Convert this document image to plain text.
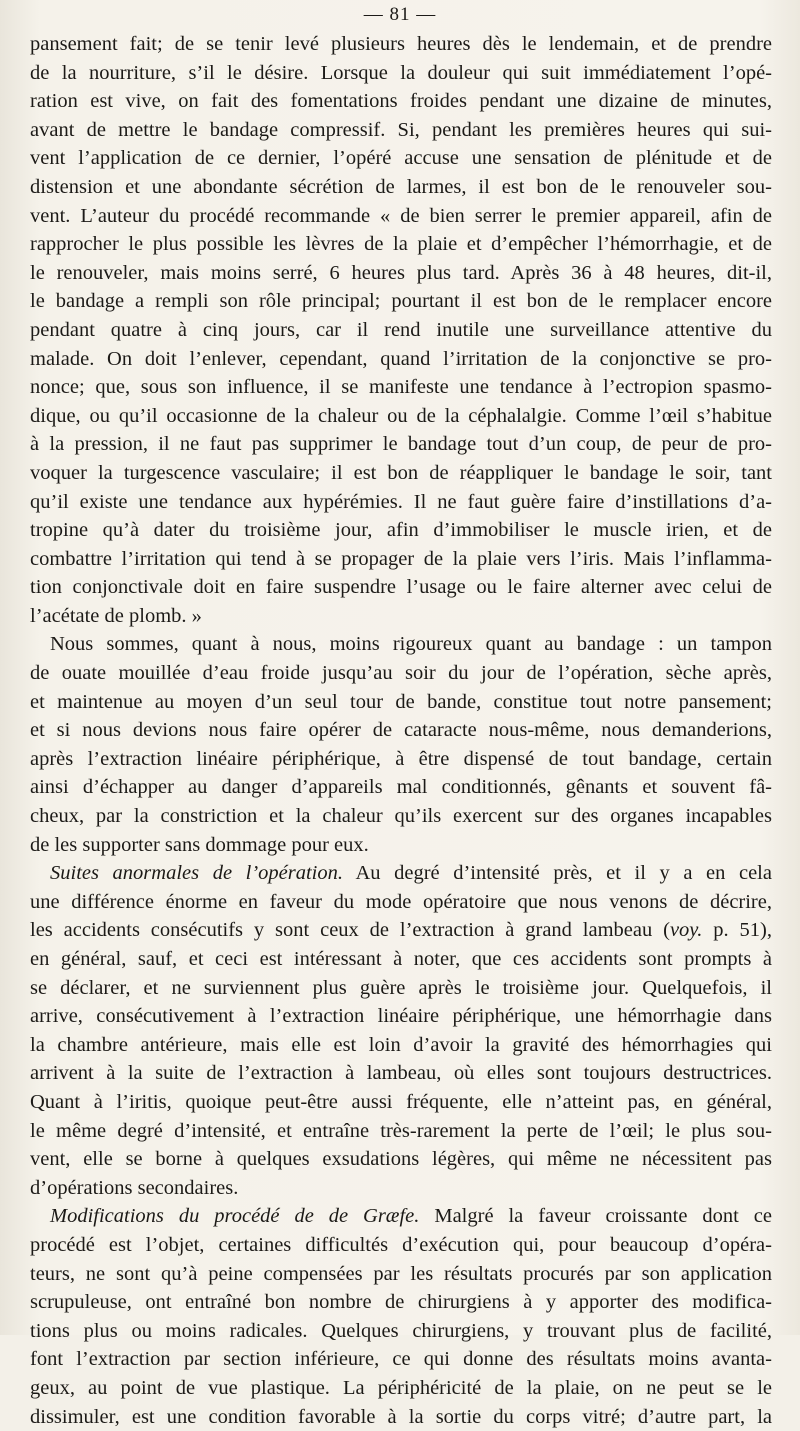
— 81 —
pansement fait; de se tenir levé plusieurs heures dès le lendemain, et de prendre
de la nourriture, s’il le désire. Lorsque la douleur qui suit immédiatement l’opé-
ration est vive, on fait des fomentations froides pendant une dizaine de minutes,
avant de mettre le bandage compressif. Si, pendant les premières heures qui sui-
vent l’application de ce dernier, l’opéré accuse une sensation de plénitude et de
distension et une abondante sécrétion de larmes, il est bon de le renouveler sou-
vent. L’auteur du procédé recommande « de bien serrer le premier appareil, afin de
rapprocher le plus possible les lèvres de la plaie et d’empêcher l’hémorrhagie, et de
le renouveler, mais moins serré, 6 heures plus tard. Après 36 à 48 heures, dit-il,
le bandage a rempli son rôle principal; pourtant il est bon de le remplacer encore
pendant quatre à cinq jours, car il rend inutile une surveillance attentive du
malade. On doit l’enlever, cependant, quand l’irritation de la conjonctive se pro-
nonce; que, sous son influence, il se manifeste une tendance à l’ectropion spasmo-
dique, ou qu’il occasionne de la chaleur ou de la céphalalgie. Comme l’œil s’habitue
à la pression, il ne faut pas supprimer le bandage tout d’un coup, de peur de pro-
voquer la turgescence vasculaire; il est bon de réappliquer le bandage le soir, tant
qu’il existe une tendance aux hypérémies. Il ne faut guère faire d’instillations d’a-
tropine qu’à dater du troisième jour, afin d’immobiliser le muscle irien, et de
combattre l’irritation qui tend à se propager de la plaie vers l’iris. Mais l’inflamma-
tion conjonctivale doit en faire suspendre l’usage ou le faire alterner avec celui de
l’acétate de plomb. »
Nous sommes, quant à nous, moins rigoureux quant au bandage : un tampon
de ouate mouillée d’eau froide jusqu’au soir du jour de l’opération, sèche après,
et maintenue au moyen d’un seul tour de bande, constitue tout notre pansement;
et si nous devions nous faire opérer de cataracte nous-même, nous demanderions,
après l’extraction linéaire périphérique, à être dispensé de tout bandage, certain
ainsi d’échapper au danger d’appareils mal conditionnés, gênants et souvent fâ-
cheux, par la constriction et la chaleur qu’ils exercent sur des organes incapables
de les supporter sans dommage pour eux.
Suites anormales de l’opération. Au degré d’intensité près, et il y a en cela
une différence énorme en faveur du mode opératoire que nous venons de décrire,
les accidents consécutifs y sont ceux de l’extraction à grand lambeau (voy. p. 51),
en général, sauf, et ceci est intéressant à noter, que ces accidents sont prompts à
se déclarer, et ne surviennent plus guère après le troisième jour. Quelquefois, il
arrive, consécutivement à l’extraction linéaire périphérique, une hémorrhagie dans
la chambre antérieure, mais elle est loin d’avoir la gravité des hémorrhagies qui
arrivent à la suite de l’extraction à lambeau, où elles sont toujours destructrices.
Quant à l’iritis, quoique peut-être aussi fréquente, elle n’atteint pas, en général,
le même degré d’intensité, et entraîne très-rarement la perte de l’œil; le plus sou-
vent, elle se borne à quelques exsudations légères, qui même ne nécessitent pas
d’opérations secondaires.
Modifications du procédé de de Græfe. Malgré la faveur croissante dont ce
procédé est l’objet, certaines difficultés d’exécution qui, pour beaucoup d’opéra-
teurs, ne sont qu’à peine compensées par les résultats procurés par son application
scrupuleuse, ont entraîné bon nombre de chirurgiens à y apporter des modifica-
tions plus ou moins radicales. Quelques chirurgiens, y trouvant plus de facilité,
font l’extraction par section inférieure, ce qui donne des résultats moins avanta-
geux, au point de vue plastique. La périphéricité de la plaie, on ne peut se le
dissimuler, est une condition favorable à la sortie du corps vitré; d’autre part, la
